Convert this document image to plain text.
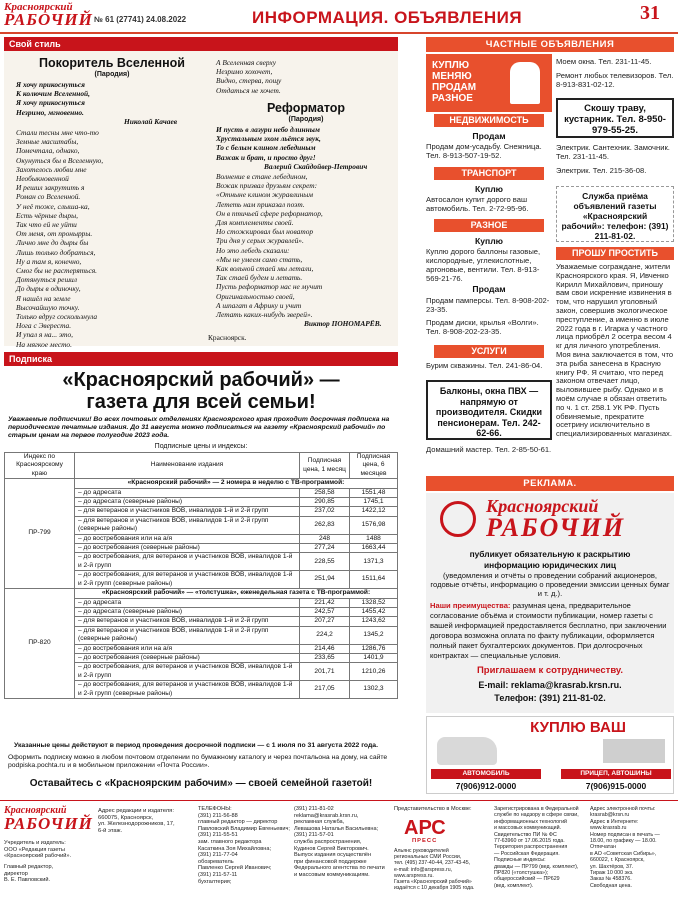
Красноярский
РАБОЧИЙ № 61 (27741) 24.08.2022	ИНФОРМАЦИЯ. ОБЪЯВЛЕНИЯ	31
Свой стиль
Покоритель Вселенной
(Пародия)
Я хочу прикоснуться
К колючим Вселенной,
Я хочу прикоснуться
Незримо, мгновенно.
Николай Качаев
Стали тесны мне что-то
Земные масштабы,
Помечтала, однако,
Окунуться бы в Вселенную,
Захотелось любви мне
Необыкновенной
И решил закрутить я
Роман со Вселенной.
У неё тоже, слыша-ка,
Есть чёрные дыры,
Так что ей не уйти
От меня, от пронырры.
Лично мне до дыры бы
Лишь только добраться,
Ну а там я, конечно,
Смог бы не растеряться.
Дотянуться решил
До дыры в одиночку,
Я нашёл на земле
Высочайшую точку.
Только вдруг соскользнула
Нога с Эвереста.
И упал я на... это,
На мягкое место.
А Вселенная сверху
Незримо хохочет,
Видно, стерва, пощу
Отдаться не хочет.
Реформатор
(Пародия)
И пусть в лазури небо длинным
Хрустальным эхом льётся звук,
То с белым клином лебединым
Важак и брат, и просто друг!
Валерий Скайдойвер-Петрович
Волнение в стане лебедином,
Вожак призвал друзьям секрет:
«Отныне клином журавлиным
Лететь нам приказал поэт.
Он в птичьей сфере реформатор,
Для комплементы своей.
Но стожкировал был новатор
Три дня у серых журавлей».
Но это лебедь сказали:
«Мы не умеем само стать,
Как вольной стаей мы летали,
Так стаей будем и летать.
Пусть реформатор нас не мучит
Оригинальностью своей,
А шпагат в Африку и учит
Летать каких-нибудь зверей».
Виктор ПОНОМАРЁВ.
Красноярск.
Подписка
«Красноярский рабочий» —
газета для всей семьи!
Уважаемые подписчики! Во всех почтовых отделениях Красноярского края проходит досрочная подписка на периодические печатные издания. До 31 августа можно подписаться на газету «Красноярский рабочий» по старым ценам на первое полугодие 2023 года.
Подписные цены и индексы:
Индекс по Красноярскому краю	Наименование издания	Подписная цена, 1 месяц	Подписная цена, 6 месяцев
ПР-799	«Красноярский рабочий» — 2 номера в неделю с ТВ-программой:		
	– до адресата	258,58	1551,48
	– до адресата (северные районы)	290,85	1745,1
	– для ветеранов и участников ВОВ, инвалидов 1-й и 2-й групп	237,02	1422,12
	– для ветеранов и участников ВОВ, инвалидов 1-й и 2-й групп (северные районы)	262,83	1576,98
	– до востребования или на а/я	248	1488
	– до востребования (северные районы)	277,24	1663,44
	– до востребования, для ветеранов и участников ВОВ, инвалидов 1-й и 2-й групп	228,55	1371,3
	– до востребования, для ветеранов и участников ВОВ, инвалидов 1-й и 2-й групп (северные районы)	251,94	1511,64
ПР-820	«Красноярский рабочий» — «толстушка», еженедельная газета с ТВ-программой:		
	– до адресата	221,42	1328,52
	– до адресата (северные районы)	242,57	1455,42
	– для ветеранов и участников ВОВ, инвалидов 1-й и 2-й групп	207,27	1243,62
	– для ветеранов и участников ВОВ, инвалидов 1-й и 2-й групп (северные районы)	224,2	1345,2
	– до востребования или на а/я	214,46	1286,76
	– до востребования (северные районы)	233,65	1401,9
	– до востребования, для ветеранов и участников ВОВ, инвалидов 1-й и 2-й групп	201,71	1210,26
	– до востребования, для ветеранов и участников ВОВ, инвалидов 1-й и 2-й групп (северные районы)	217,05	1302,3
Указанные цены действуют в период проведения досрочной подписки — с 1 июля по 31 августа 2022 года.
Оформить подписку можно в любом почтовом отделении по бумажному каталогу и через почтальона на дому, на сайте podpiska.pochta.ru и в мобильном приложении «Почта России».
Оставайтесь с «Красноярским рабочим» — своей семейной газетой!
ЧАСТНЫЕ ОБЪЯВЛЕНИЯ
КУПЛЮ
МЕНЯЮ
ПРОДАМ
РАЗНОЕ
НЕДВИЖИМОСТЬ
Продам
Продам дом-усадьбу. Снежница. Тел. 8-913-507-19-52.
ТРАНСПОРТ
Куплю
Автосалон купит дорого ваш автомобиль. Тел. 2-72-95-96.
РАЗНОЕ
Куплю
Куплю дорого баллоны газовые, кислородные, углекислотные, аргоновые, вентили. Тел. 8-913-569-21-76.
Продам
Продам памперсы. Тел. 8-908-202-23-35.
Продам диски, крылья «Волги». Тел. 8-908-202-23-35.
УСЛУГИ
Бурим скважины. Тел. 241-86-04.
Балконы, окна ПВХ — напрямую от производителя. Скидки пенсионерам. Тел. 242-62-66.
Домашний мастер. Тел. 2-85-50-61.
Моем окна. Тел. 231-11-45.
Ремонт любых телевизоров. Тел. 8-913-831-02-12.
Скошу траву, кустарник. Тел. 8-950-979-55-25.
Электрик. Сантехник. Замочник. Тел. 231-11-45.
Электрик. Тел. 215-36-08.
Служба приёма объявлений газеты «Красноярский рабочий»: телефон: (391) 211-81-02.
ПРОШУ ПРОСТИТЬ
Уважаемые сограждане, жители Красноярского края. Я, Ивченко Кирилл Михайлович, приношу вам свои искренние извинения в том, что нарушил уголовный закон, совершив экологическое преступление, а именно в июле 2022 года в г. Игарка у частного лица приобрёл 2 осетра весом 4 кг для личного употребления. Моя вина заключается в том, что эта рыба занесена в Красную книгу РФ. Я считаю, что перед законом отвечает лицо, выловившее рыбу. Однако и в моём случае я обязан ответить по ч. 1 ст. 258.1 УК РФ. Пусть обвиняемые, прекратите осетрину исключительно в специализированных магазинах.
РЕКЛАМА.
Красноярский
РАБОЧИЙ
публикует обязательную к раскрытию
информацию юридических лиц
(уведомления и отчёты о проведении собраний акционеров, годовые отчёты, информацию о проведении эмиссии ценных бумаг и т. д.).
Наши преимущества: разумная цена, предварительное согласование объёма и стоимости публикации, номер газеты с вашей информацией предоставляется бесплатно, при заключении договора возможна оплата по факту публикации, оформляется полный пакет бухгалтерских документов. При долгосрочных контрактах — специальные условия.
Приглашаем к сотрудничеству.
E-mail: reklama@krasrab.krsn.ru.
Телефон: (391) 211-81-02.
КУПЛЮ ВАШ
АВТОМОБИЛЬ	ПРИЦЕП, АВТОШИНЫ
7(906)912-0000	7(906)915-0000
Красноярский
РАБОЧИЙ
Адрес редакции и издателя:
660075, Красноярск,
ул. Железнодорожников, 17,
6-й этаж.
Учредитель и издатель:
ООО «Редакция газеты
«Красноярский рабочий».
Главный редактор,
директор
В. Е. Павловский.
ТЕЛЕФОНЫ:
(391) 211-56-88
главный редактор — директор
Павловский Владимир Евгеньевич;
(391) 211-55-51
зам. главного редактора
Касаткина Зоя Михайловна;
(391) 211-77-04
обозреватель
Павленко Сергей Иванович;
(391) 211-57-11
бухгалтерия;
(391) 211-81-02
reklama@krasrab.krsn.ru,
рекламная служба,
Левашова Наталья Васильевна;
(391) 211-57-01
служба распространения,
Кудинов Сергей Викторович.
Выпуск издания осуществлён
при финансовой поддержке
Федерального агентства по печати
и массовым коммуникациям.
Представительство в Москве:
АРС
ПРЕСС
Альянс руководителей
региональных СМИ России,
тел. (495) 237-40-44, 237-43-45,
e-mail: info@arspress.ru,
www.arspress.ru.
Газета «Красноярский рабочий»
издаётся с 10 декабря 1905 года.
Зарегистрирована в Федеральной
службе по надзору в сфере связи,
информационных технологий
и массовых коммуникаций.
Свидетельство ПИ № ФС
77-63960 от 17.06.2015 года.
Территория распространения
— Российская Федерация.
Подписные индексы:
дважды — ПР799 (вед. комплект),
ПР820 («толстушка»);
общероссийский — ПР629
(вед. комплект).
Адрес электронной почты:
krasrab@krsn.ru
Адрес в Интернете:
www.krasrab.ru
Номер подписан в печать —
18.00, по графику — 18.00.
Отпечатан
в АО «Советская Сибирь»,
660022, г. Красноярск,
ул. Шахтёров, 37.
Тираж 10 000 экз.
Заказ № 458376.
Свободная цена.
